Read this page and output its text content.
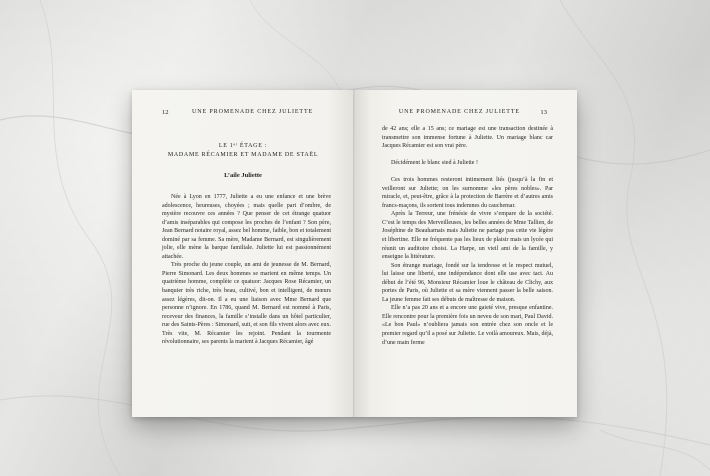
12	UNE PROMENADE CHEZ JULIETTE
LE 1ᵉʳ ÉTAGE :
MADAME RÉCAMIER ET MADAME DE STAËL
L’aile Juliette

Née à Lyon en 1777, Juliette a eu une enfance et une brève adolescence, heureuses, choyées ; mais quelle part d’ombre, de mystère recouvre ces années ? Que penser de cet étrange quatuor d’amis inséparables qui compose les proches de l’enfant ? Son père, Jean Bernard notaire royal, assez bel homme, faible, bon et totalement dominé par sa femme. Sa mère, Madame Bernard, est singulièrement jolie, elle mène la barque familiale. Juliette lui est passionnément attachée.

Très proche du jeune couple, un ami de jeunesse de M. Bernard, Pierre Simonard. Les deux hommes se marient en même temps. Un quatrième homme, complète ce quatuor: Jacques Rose Récamier, un banquier très riche, très beau, cultivé, bon et intelligent, de mœurs assez légères, dit-on. Il a eu une liaison avec Mme Bernard que personne n’ignore. En 1786, quand M. Bernard est nommé à Paris, receveur des finances, la famille s’installe dans un hôtel particulier, rue des Saints-Pères : Simonard, suit, et son fils vivent alors avec eux. Très vite, M. Récamier les rejoint. Pendant la tourmente révolutionnaire, ses parents la marient à Jacques Récamier, âgé

UNE PROMENADE CHEZ JULIETTE	13

de 42 ans; elle a 15 ans; ce mariage est une transaction destinée à transmettre son immense fortune à Juliette. Un mariage blanc car Jacques Récamier est son vrai père.

Décidément le blanc sied à Juliette !

Ces trois hommes resteront intimement liés (jusqu’à la fin et veilleront sur Juliette; on les surnomme «les pères nobles». Par miracle, et, peut-être, grâce à la protection de Barrère et d’autres amis francs-maçons, ils sortent tous indemnes du cauchemar.

Après la Terreur, une frénésie de vivre s’empare de la société. C’est le temps des Merveilleuses, les belles années de Mme Tallien, de Joséphine de Beauharnais mais Juliette ne partage pas cette vie légère et libertine. Elle ne fréquente pas les lieux de plaisir mais un lycée qui réunit un auditoire choisi. La Harpe, un vieil ami de la famille, y enseigne la littérature.

Son étrange mariage, fondé sur la tendresse et le respect mutuel, lui laisse une liberté, une indépendance dont elle use avec tact. Au début de l’été 96, Monsieur Récamier loue le château de Clichy, aux portes de Paris, où Juliette et sa mère viennent passer la belle saison. La jeune femme fait ses débuts de maîtresse de maison.

Elle n’a pas 20 ans et a encore une gaieté vive, presque enfantine. Elle rencontre pour la première fois un neveu de son mari, Paul David. «Le bon Paul» n’oubliera jamais son entrée chez son oncle et le premier regard qu’il a posé sur Juliette. Le voilà amoureux. Mais, déjà, d’une main ferme
